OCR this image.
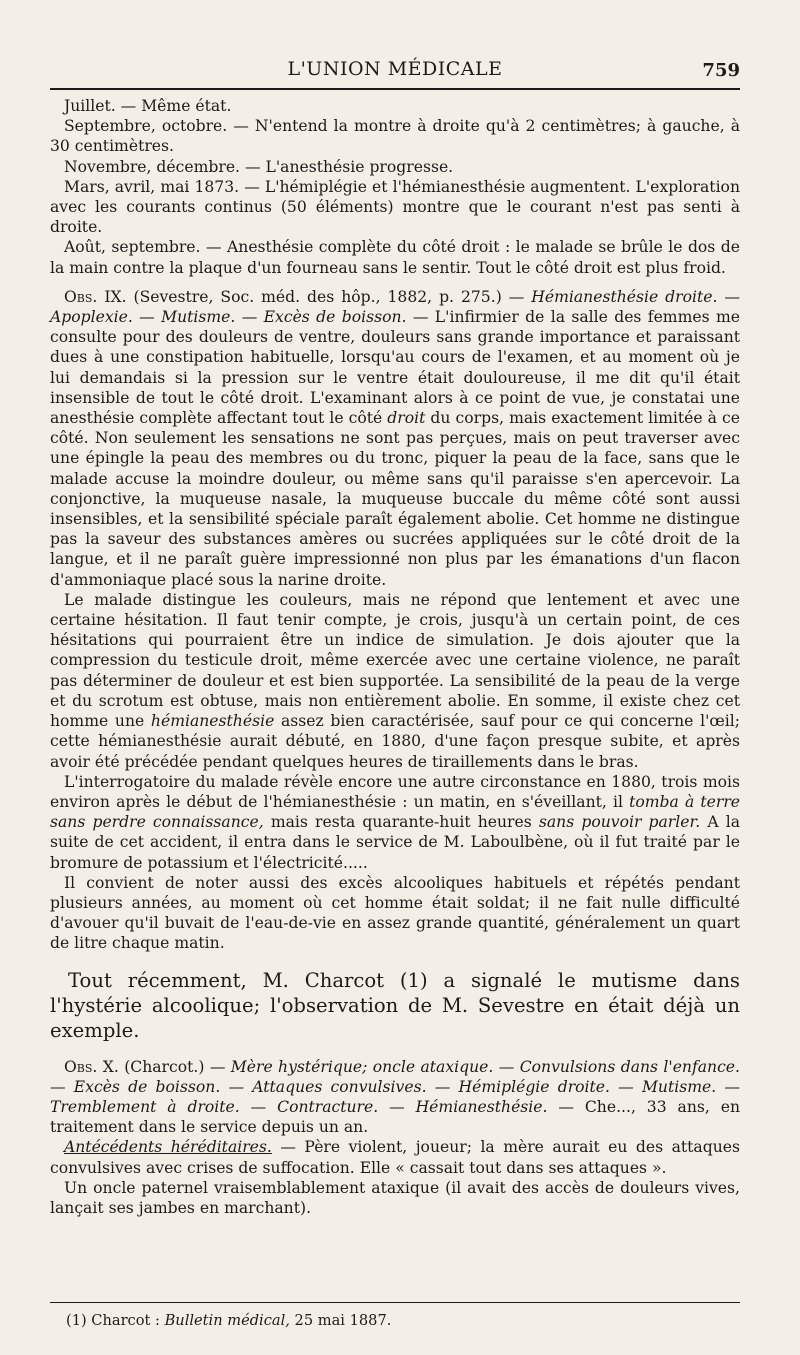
L'UNION MÉDICALE	759

Juillet. — Même état.

Septembre, octobre. — N'entend la montre à droite qu'à 2 centimètres; à gauche, à 30 centimètres.

Novembre, décembre. — L'anesthésie progresse.

Mars, avril, mai 1873. — L'hémiplégie et l'hémianesthésie augmentent. L'exploration avec les courants continus (50 éléments) montre que le courant n'est pas senti à droite.

Août, septembre. — Anesthésie complète du côté droit : le malade se brûle le dos de la main contre la plaque d'un fourneau sans le sentir. Tout le côté droit est plus froid.

Obs. IX. (Sevestre, Soc. méd. des hôp., 1882, p. 275.) — Hémianesthésie droite. — Apoplexie. — Mutisme. — Excès de boisson. — L'infirmier de la salle des femmes me consulte pour des douleurs de ventre, douleurs sans grande importance et paraissant dues à une constipation habituelle, lorsqu'au cours de l'examen, et au moment où je lui demandais si la pression sur le ventre était douloureuse, il me dit qu'il était insensible de tout le côté droit. L'examinant alors à ce point de vue, je constatai une anesthésie complète affectant tout le côté droit du corps, mais exactement limitée à ce côté. Non seulement les sensations ne sont pas perçues, mais on peut traverser avec une épingle la peau des membres ou du tronc, piquer la peau de la face, sans que le malade accuse la moindre douleur, ou même sans qu'il paraisse s'en apercevoir. La conjonctive, la muqueuse nasale, la muqueuse buccale du même côté sont aussi insensibles, et la sensibilité spéciale paraît également abolie. Cet homme ne distingue pas la saveur des substances amères ou sucrées appliquées sur le côté droit de la langue, et il ne paraît guère impressionné non plus par les émanations d'un flacon d'ammoniaque placé sous la narine droite.

Le malade distingue les couleurs, mais ne répond que lentement et avec une certaine hésitation. Il faut tenir compte, je crois, jusqu'à un certain point, de ces hésitations qui pourraient être un indice de simulation. Je dois ajouter que la compression du testicule droit, même exercée avec une certaine violence, ne paraît pas déterminer de douleur et est bien supportée. La sensibilité de la peau de la verge et du scrotum est obtuse, mais non entièrement abolie. En somme, il existe chez cet homme une hémianesthésie assez bien caractérisée, sauf pour ce qui concerne l'œil; cette hémianesthésie aurait débuté, en 1880, d'une façon presque subite, et après avoir été précédée pendant quelques heures de tiraillements dans le bras.

L'interrogatoire du malade révèle encore une autre circonstance en 1880, trois mois environ après le début de l'hémianesthésie : un matin, en s'éveillant, il tomba à terre sans perdre connaissance, mais resta quarante-huit heures sans pouvoir parler. A la suite de cet accident, il entra dans le service de M. Laboulbène, où il fut traité par le bromure de potassium et l'électricité.....

Il convient de noter aussi des excès alcooliques habituels et répétés pendant plusieurs années, au moment où cet homme était soldat; il ne fait nulle difficulté d'avouer qu'il buvait de l'eau-de-vie en assez grande quantité, généralement un quart de litre chaque matin.

Tout récemment, M. Charcot (1) a signalé le mutisme dans l'hystérie alcoolique; l'observation de M. Sevestre en était déjà un exemple.

Obs. X. (Charcot.) — Mère hystérique; oncle ataxique. — Convulsions dans l'enfance. — Excès de boisson. — Attaques convulsives. — Hémiplégie droite. — Mutisme. — Tremblement à droite. — Contracture. — Hémianesthésie. — Che..., 33 ans, en traitement dans le service depuis un an.

Antécédents héréditaires. — Père violent, joueur; la mère aurait eu des attaques convulsives avec crises de suffocation. Elle « cassait tout dans ses attaques ».

Un oncle paternel vraisemblablement ataxique (il avait des accès de douleurs vives, lançait ses jambes en marchant).

(1) Charcot : Bulletin médical, 25 mai 1887.
